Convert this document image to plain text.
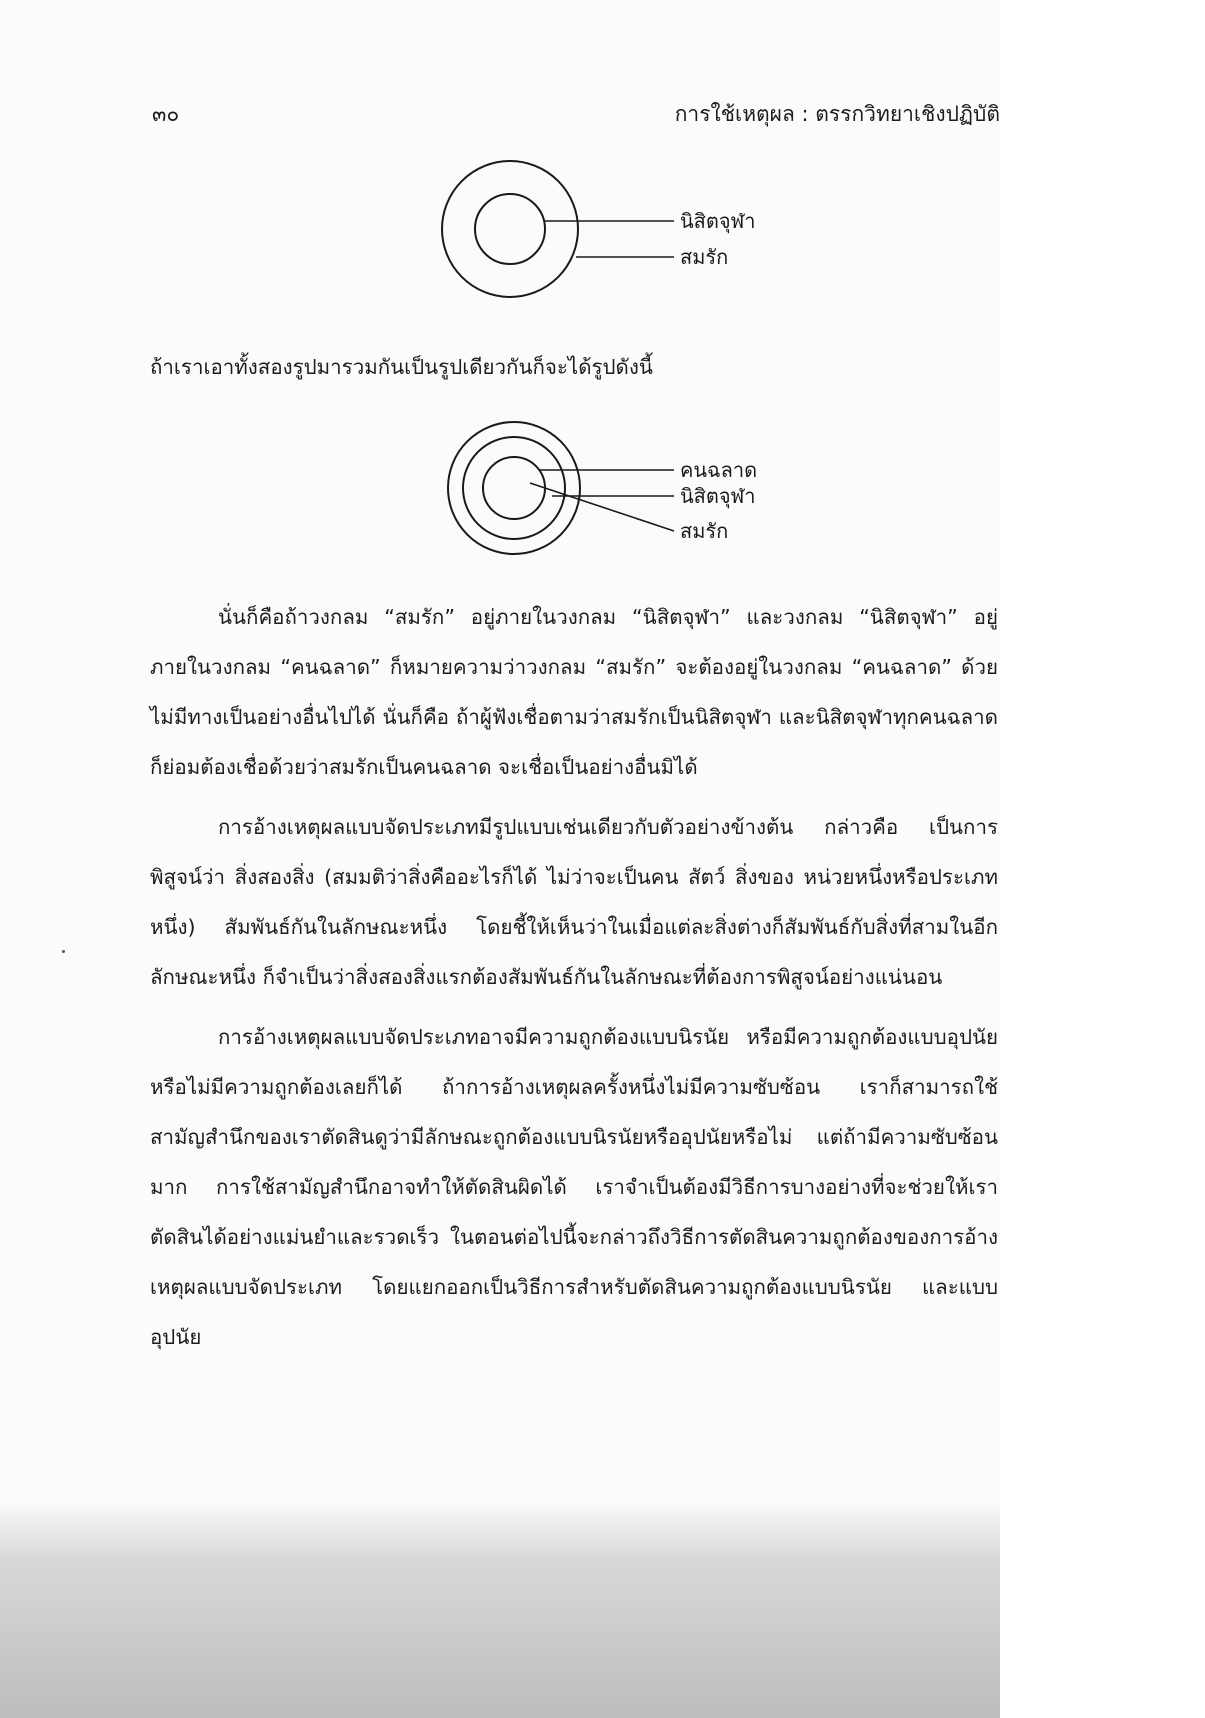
๓๐	การใช้เหตุผล : ตรรกวิทยาเชิงปฏิบัติ
นิสิตจุฬา
สมรัก

ถ้าเราเอาทั้งสองรูปมารวมกันเป็นรูปเดียวกันก็จะได้รูปดังนี้

คนฉลาด
นิสิตจุฬา
สมรัก

นั่นก็คือถ้าวงกลม “สมรัก” อยู่ภายในวงกลม “นิสิตจุฬา” และวงกลม “นิสิตจุฬา” อยู่ภายในวงกลม “คนฉลาด” ก็หมายความว่าวงกลม “สมรัก” จะต้องอยู่ในวงกลม “คนฉลาด” ด้วย ไม่มีทางเป็นอย่างอื่นไปได้ นั่นก็คือ ถ้าผู้ฟังเชื่อตามว่าสมรักเป็นนิสิตจุฬา และนิสิตจุฬาทุกคนฉลาด ก็ย่อมต้องเชื่อด้วยว่าสมรักเป็นคนฉลาด จะเชื่อเป็นอย่างอื่นมิได้

การอ้างเหตุผลแบบจัดประเภทมีรูปแบบเช่นเดียวกับตัวอย่างข้างต้น กล่าวคือ เป็นการพิสูจน์ว่า สิ่งสองสิ่ง (สมมติว่าสิ่งคืออะไรก็ได้ ไม่ว่าจะเป็นคน สัตว์ สิ่งของ หน่วยหนึ่งหรือประเภทหนึ่ง) สัมพันธ์กันในลักษณะหนึ่ง โดยชี้ให้เห็นว่าในเมื่อแต่ละสิ่งต่างก็สัมพันธ์กับสิ่งที่สามในอีกลักษณะหนึ่ง ก็จำเป็นว่าสิ่งสองสิ่งแรกต้องสัมพันธ์กันในลักษณะที่ต้องการพิสูจน์อย่างแน่นอน

การอ้างเหตุผลแบบจัดประเภทอาจมีความถูกต้องแบบนิรนัย หรือมีความถูกต้องแบบอุปนัย หรือไม่มีความถูกต้องเลยก็ได้ ถ้าการอ้างเหตุผลครั้งหนึ่งไม่มีความซับซ้อน เราก็สามารถใช้สามัญสำนึกของเราตัดสินดูว่ามีลักษณะถูกต้องแบบนิรนัยหรืออุปนัยหรือไม่ แต่ถ้ามีความซับซ้อนมาก การใช้สามัญสำนึกอาจทำให้ตัดสินผิดได้ เราจำเป็นต้องมีวิธีการบางอย่างที่จะช่วยให้เราตัดสินได้อย่างแม่นยำและรวดเร็ว ในตอนต่อไปนี้จะกล่าวถึงวิธีการตัดสินความถูกต้องของการอ้างเหตุผลแบบจัดประเภท โดยแยกออกเป็นวิธีการสำหรับตัดสินความถูกต้องแบบนิรนัย และแบบอุปนัย
